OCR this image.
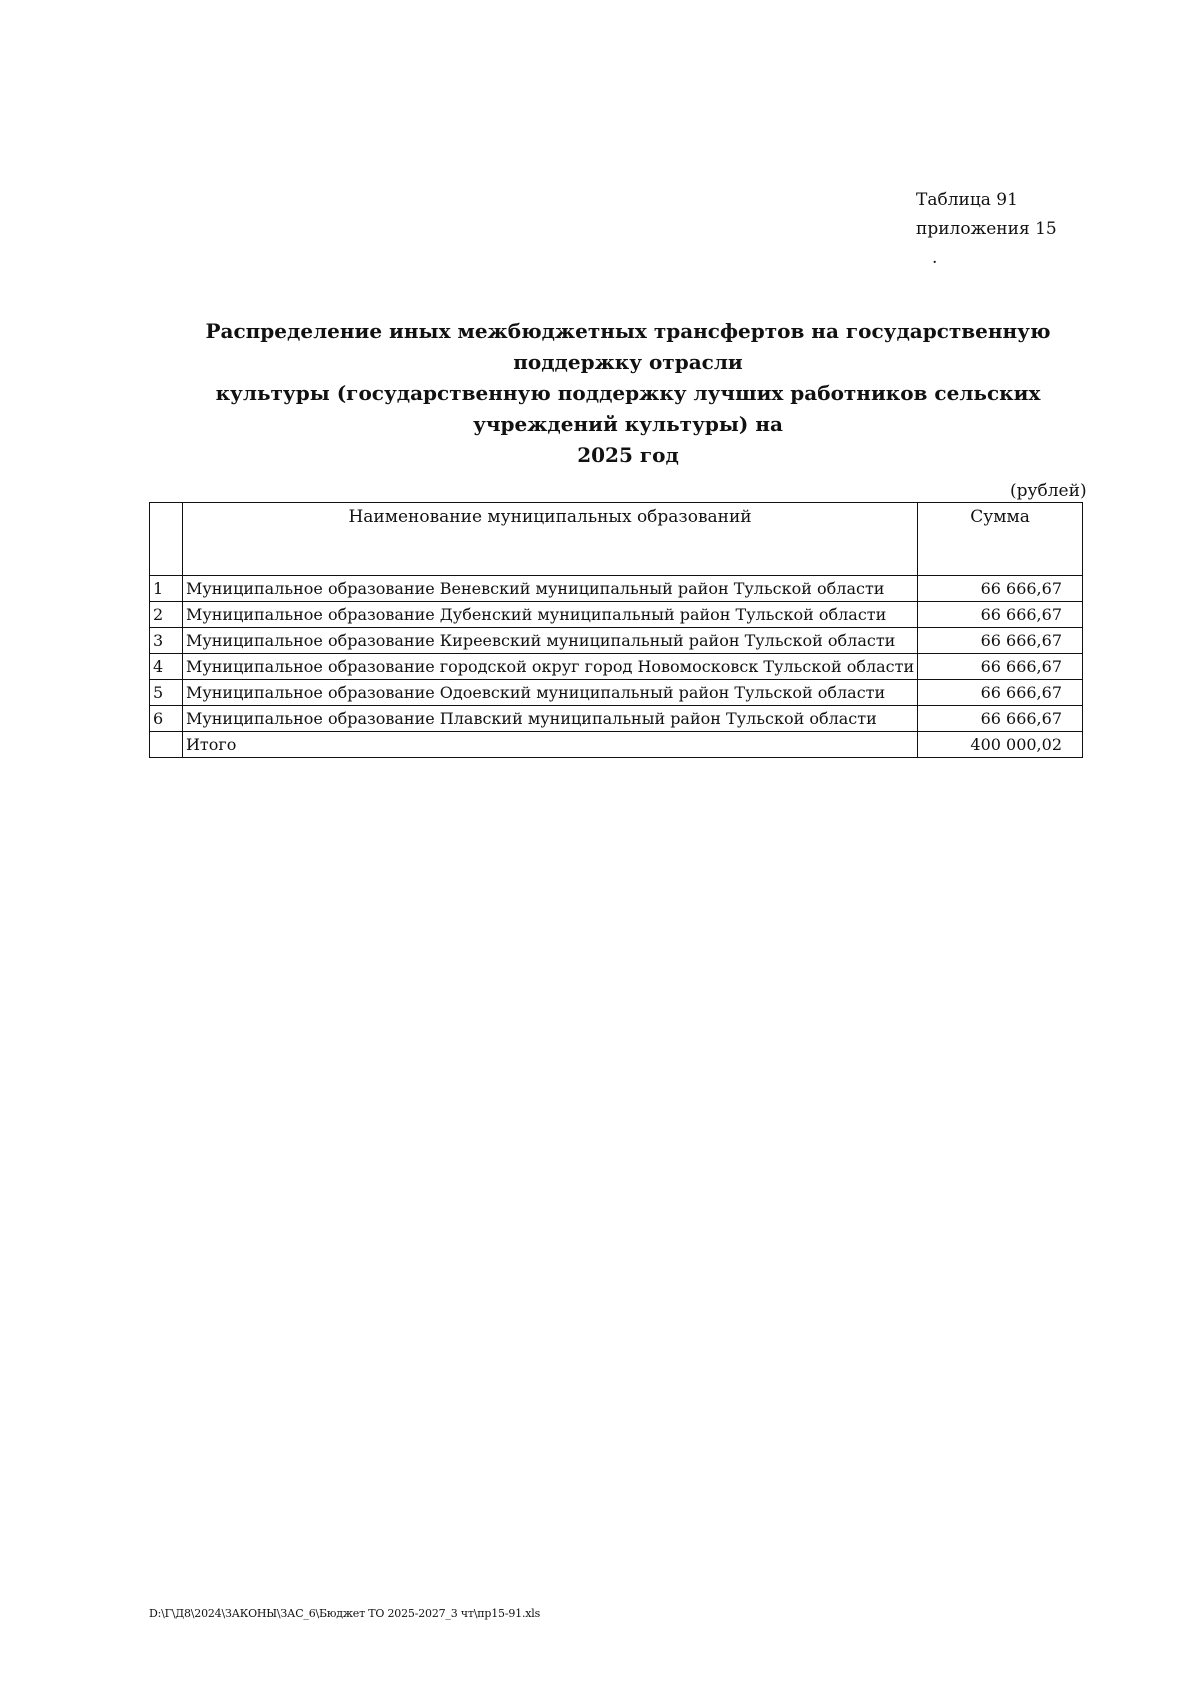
Таблица 91
приложения 15
.
Распределение иных межбюджетных трансфертов на государственную поддержку отрасли
культуры (государственную поддержку лучших работников сельских учреждений культуры) на
2025 год
(рублей)
	Наименование муниципальных образований	Сумма
1	Муниципальное образование Веневский муниципальный район Тульской области	66 666,67
2	Муниципальное образование Дубенский муниципальный район Тульской области	66 666,67
3	Муниципальное образование Киреевский муниципальный район Тульской области	66 666,67
4	Муниципальное образование городской округ город Новомосковск Тульской области	66 666,67
5	Муниципальное образование Одоевский муниципальный район Тульской области	66 666,67
6	Муниципальное образование Плавский муниципальный район Тульской области	66 666,67
	Итого	400 000,02
D:\Г\Д8\2024\ЗАКОНЫ\ЗАС_6\Бюджет ТО 2025-2027_3 чт\пр15-91.xls
